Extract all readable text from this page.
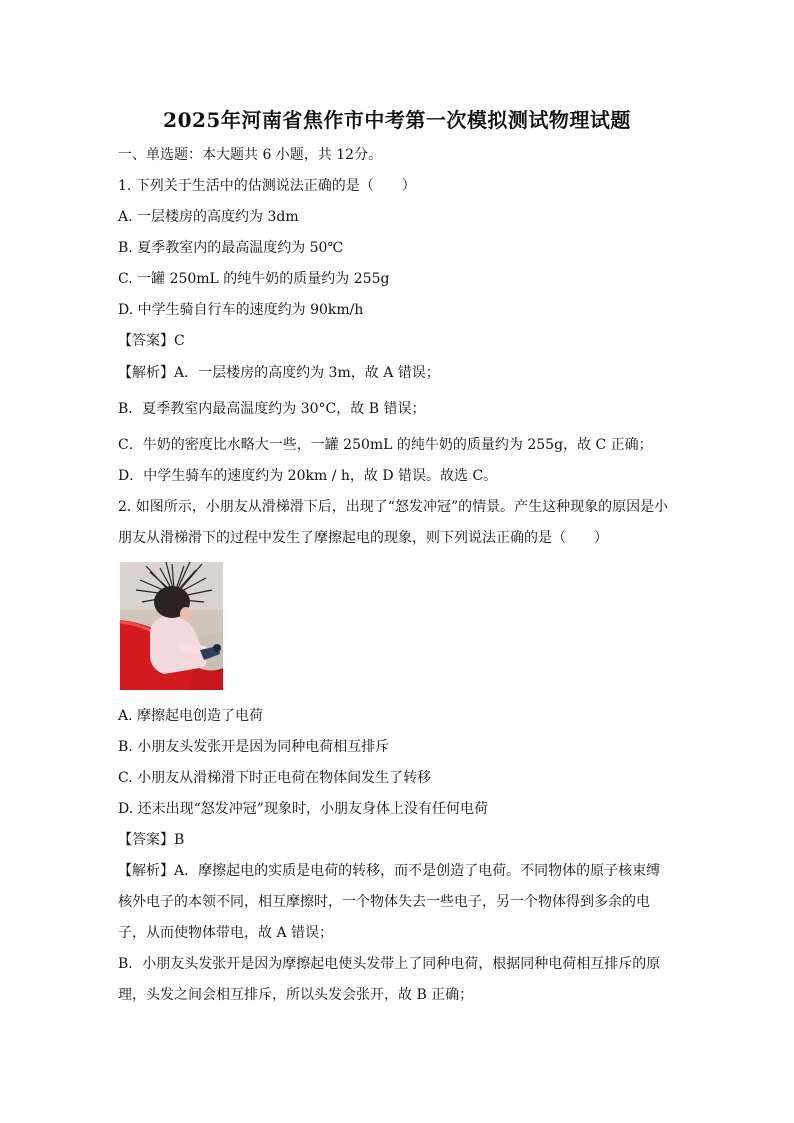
2025年河南省焦作市中考第一次模拟测试物理试题
一、单选题：本大题共 6 小题，共 12分。
1. 下列关于生活中的估测说法正确的是（　　）
A. 一层楼房的高度约为 3dm
B. 夏季教室内的最高温度约为 50℃
C. 一罐 250mL 的纯牛奶的质量约为 255g
D. 中学生骑自行车的速度约为 90km/h
【答案】C
【解析】A．一层楼房的高度约为 3m，故 A 错误；
B．夏季教室内最高温度约为 30°C，故 B 错误；
C．牛奶的密度比水略大一些，一罐 250mL 的纯牛奶的质量约为 255g，故 C 正确；
D．中学生骑车的速度约为 20km / h，故 D 错误。故选 C。
2. 如图所示，小朋友从滑梯滑下后，出现了“怒发冲冠”的情景。产生这种现象的原因是小
朋友从滑梯滑下的过程中发生了摩擦起电的现象，则下列说法正确的是（　　）
A. 摩擦起电创造了电荷
B. 小朋友头发张开是因为同种电荷相互排斥
C. 小朋友从滑梯滑下时正电荷在物体间发生了转移
D. 还未出现“怒发冲冠”现象时，小朋友身体上没有任何电荷
【答案】B
【解析】A．摩擦起电的实质是电荷的转移，而不是创造了电荷。不同物体的原子核束缚
核外电子的本领不同，相互摩擦时，一个物体失去一些电子，另一个物体得到多余的电
子，从而使物体带电，故 A 错误；
B．小朋友头发张开是因为摩擦起电使头发带上了同种电荷，根据同种电荷相互排斥的原
理，头发之间会相互排斥，所以头发会张开，故 B 正确；
